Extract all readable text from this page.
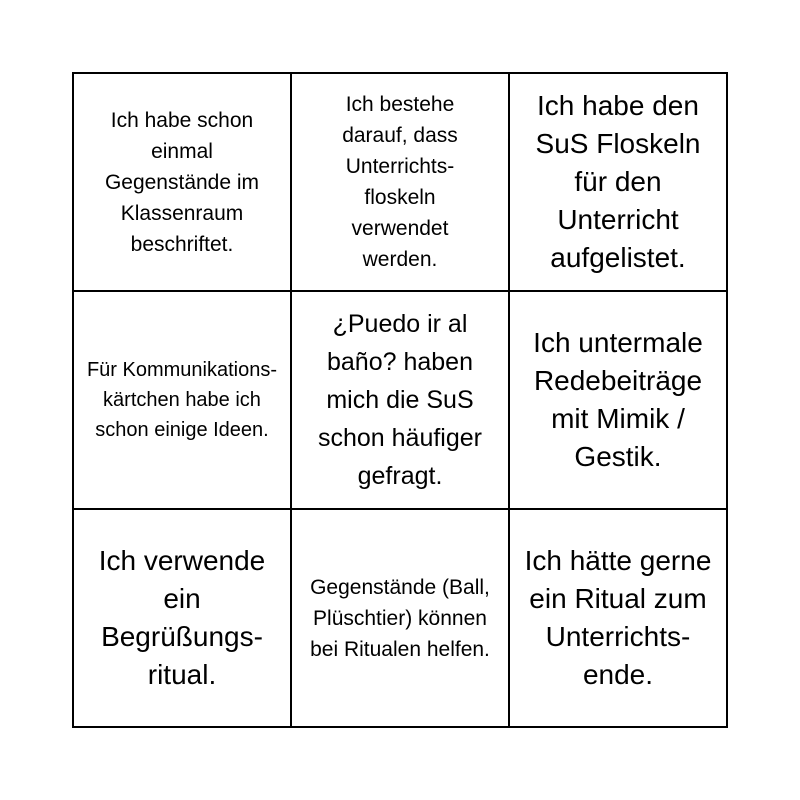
Ich habe schon einmal Gegenstände im Klassenraum beschriftet.
Ich bestehe darauf, dass Unterrichts-floskeln verwendet werden.
Ich habe den SuS Floskeln für den Unterricht aufgelistet.
Für Kommunikations-kärtchen habe ich schon einige Ideen.
¿Puedo ir al baño? haben mich die SuS schon häufiger gefragt.
Ich untermale Redebeiträge mit Mimik / Gestik.
Ich verwende ein Begrüßungs-ritual.
Gegenstände (Ball, Plüschtier) können bei Ritualen helfen.
Ich hätte gerne ein Ritual zum Unterrichts-ende.
